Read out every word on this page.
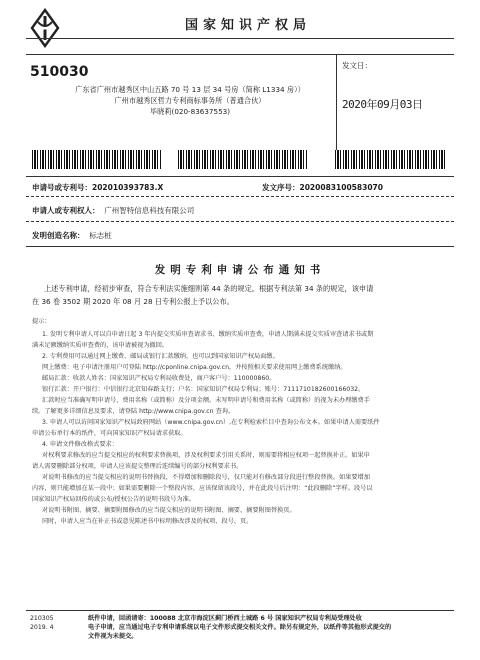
国家知识产权局
510030
广东省广州市越秀区中山五路 70 号 13 层 34 号房（简称 L1334 房））
广州市越秀区哲力专利商标事务所（普通合伙）
毕晓莉(020-83637553)
发文日：
2020年09月03日
申请号或专利号：202010393783.X	发文序号：2020083100583070
申请人或专利权人： 广州智特信息科技有限公司
发明创造名称： 标志桩
发明专利申请公布通知书
上述专利申请，经初步审查，符合专利法实施细则第 44 条的规定。根据专利法第 34 条的规定，该申请
在 36 卷 3502 期 2020 年 08 月 28 日专利公报上予以公布。
提示：
1. 发明专利申请人可以自申请日起 3 年内提交实质审查请求书、缴纳实质审查费，申请人期满未提交实质审查请求书或期
满未足额缴纳实质审查费的，该申请被视为撤回。
2. 专利费用可以通过网上缴费、邮局或银行汇款缴纳，也可以到国家知识产权局面缴。
网上缴费：电子申请注册用户可登陆 http://cponline.cnipa.gov.cn，并按照相关要求使用网上缴费系统缴纳。
邮局汇款：收款人姓名：国家知识产权局专利局收费处，商户客户号：110000860。
银行汇款：开户银行：中信银行北京知春路支行；户名：国家知识产权局专利局；账号：7111710182600166032。
汇款时应当准确写明申请号、费用名称（或简称）及分项金额。未写明申请号和费用名称（或简称）的视为未办理缴费手
续。了解更多详细信息及要求，请登陆 http://www.cnipa.gov.cn 查询。
3. 申请人可以访问国家知识产权局政府网站（www.cnipa.gov.cn）,在专利检索栏目中查询公布文本。如果申请人需要纸件
申请公布单行本的纸件，可向国家知识产权局请求获取。
4. 申请文件修改格式要求：
对权利要求修改的应当提交相应的权利要求替换项，涉及权利要求引用关系时，则需要将相应权项一起替换补正。如果申
请人需要删除部分权项，申请人应该提交整理后连续编号的部分权利要求书。
对说明书修改的应当提交相应的说明书替换段，不得增加和删除段号，仅只能对有修改部分段进行整段替换。如果要增加
内容，则只能增加在某一段中；如果需要删除一个整段内容，应该保留该段号，并在此段号后注明：“此段删除”字样。段号以
国家知识产权局回传的或公布/授权公告的说明书段号为准。
对说明书附图、摘要、摘要附图修改的应当提交相应的说明书附图、摘要、摘要附图替换页。
同时，申请人应当在补正书或意见陈述书中标明修改涉及的权项、段号、页。
210305
2019. 4
纸件申请，回函请寄：100088 北京市海淀区蓟门桥西土城路 6 号 国家知识产权局专利局受理处收
电子申请，应当通过电子专利申请系统以电子文件形式提交相关文件。除另有规定外，以纸件等其他形式提交的
文件视为未提交。
